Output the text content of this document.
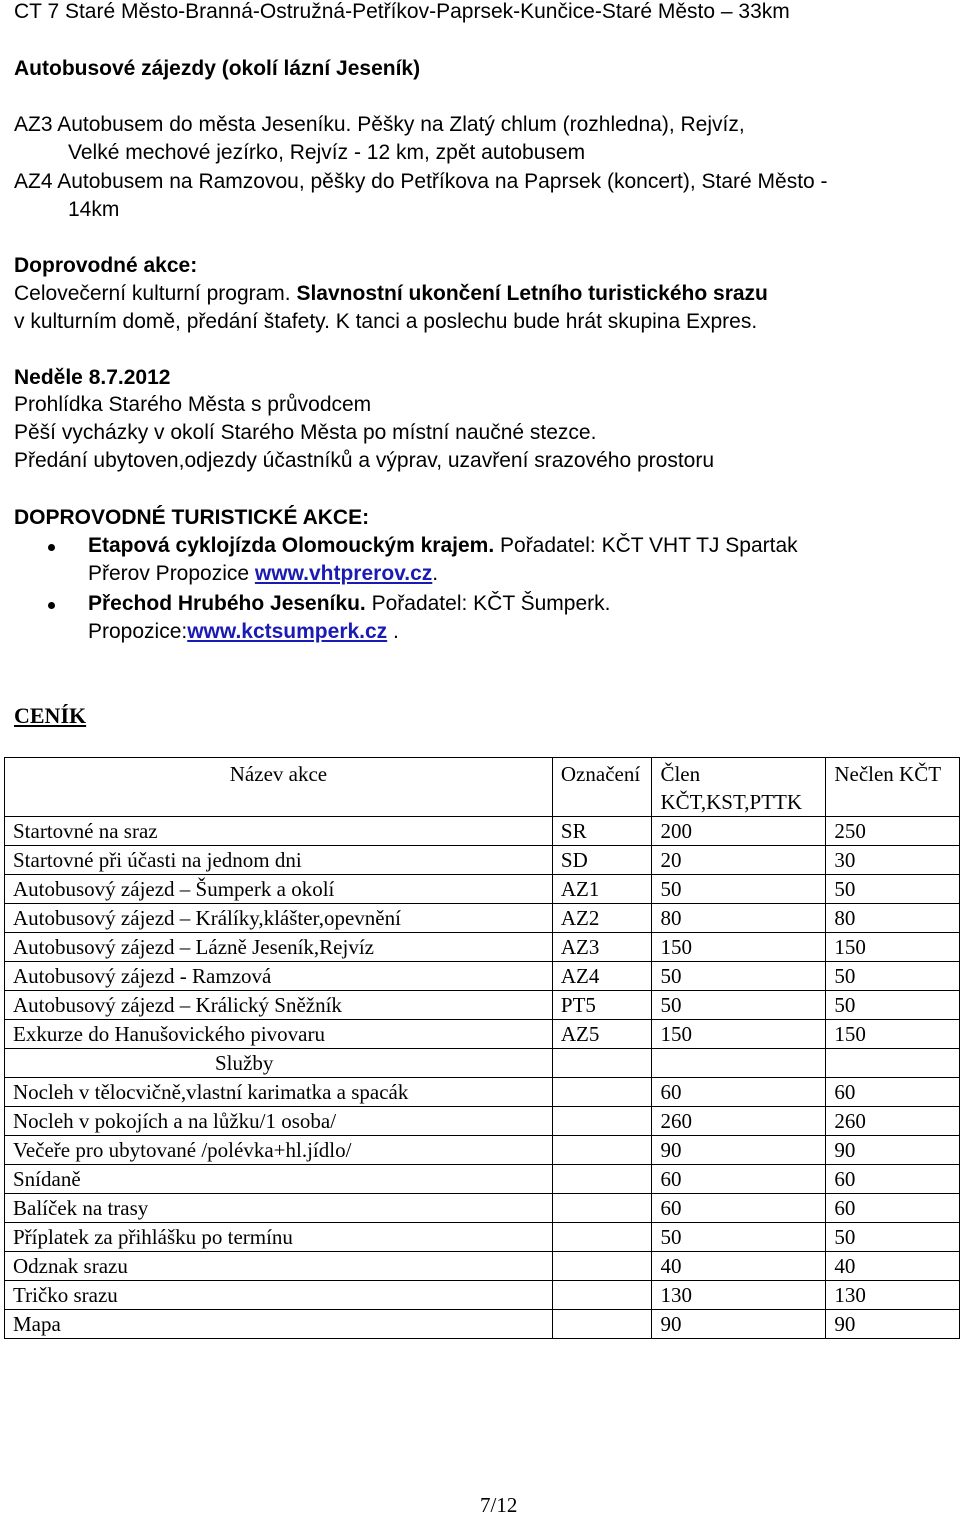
CT 7 Staré Město-Branná-Ostružná-Petříkov-Paprsek-Kunčice-Staré Město – 33km
Autobusové zájezdy (okolí lázní Jeseník)
AZ3 Autobusem do města Jeseníku. Pěšky na Zlatý chlum (rozhledna), Rejvíz,
Velké mechové jezírko, Rejvíz - 12 km, zpět autobusem
AZ4 Autobusem na Ramzovou, pěšky do Petříkova na Paprsek (koncert), Staré Město -
14km
Doprovodné akce:
Celovečerní kulturní program. Slavnostní ukončení Letního turistického srazu
v kulturním domě, předání štafety. K tanci a poslechu bude hrát skupina Expres.
Neděle 8.7.2012
Prohlídka Starého Města s průvodcem
Pěší vycházky v okolí Starého Města po místní naučné stezce.
Předání ubytoven,odjezdy účastníků a výprav, uzavření srazového prostoru
DOPROVODNÉ TURISTICKÉ AKCE:
Etapová cyklojízda Olomouckým krajem. Pořadatel: KČT VHT TJ Spartak
Přerov Propozice www.vhtprerov.cz.
Přechod Hrubého Jeseníku. Pořadatel: KČT Šumperk.
Propozice:www.kctsumperk.cz .
CENÍK
Název akce	Označení	Člen KČT,KST,PTTK	Nečlen KČT
Startovné na sraz	SR	200	250
Startovné při účasti na jednom dni	SD	20	30
Autobusový zájezd – Šumperk a okolí	AZ1	50	50
Autobusový zájezd – Králíky,klášter,opevnění	AZ2	80	80
Autobusový zájezd – Lázně Jeseník,Rejvíz	AZ3	150	150
Autobusový zájezd - Ramzová	AZ4	50	50
Autobusový zájezd – Králický Sněžník	PT5	50	50
Exkurze do Hanušovického pivovaru	AZ5	150	150
Služby			
Nocleh v tělocvičně,vlastní karimatka a spacák		60	60
Nocleh v pokojích a na lůžku/1 osoba/		260	260
Večeře pro ubytované /polévka+hl.jídlo/		90	90
Snídaně		60	60
Balíček na trasy		60	60
Příplatek za přihlášku po termínu		50	50
Odznak srazu		40	40
Tričko srazu		130	130
Mapa		90	90
7/12
